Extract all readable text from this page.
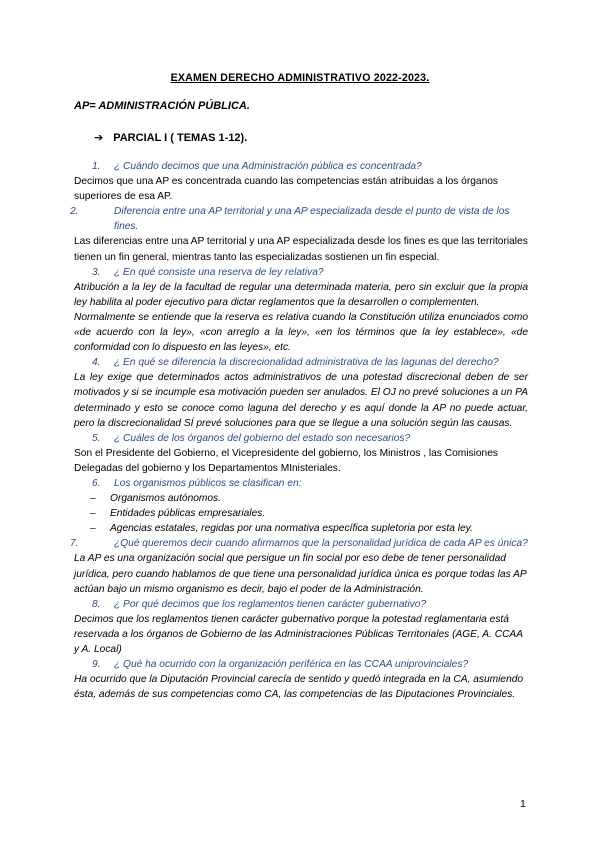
EXAMEN DERECHO ADMINISTRATIVO 2022-2023.
AP= ADMINISTRACIÓN PÚBLICA.
➔ PARCIAL I ( TEMAS 1-12).
1. ¿ Cuándo decimos que una Administración pública es concentrada?
Decimos que una AP es concentrada cuando las competencias están atribuidas a los órganos superiores de esa AP.
2.	Diferencia entre una AP territorial y una AP especializada desde el punto de vista de los fines.
Las diferencias entre una AP territorial y una AP especializada desde los fines es que las territoriales tienen un fin general, mientras tanto las especializadas sostienen un fin especial.
3. ¿ En qué consiste una reserva de ley relativa?
Atribución a la ley de la facultad de regular una determinada materia, pero sin excluir que la propia ley habilita al poder ejecutivo para dictar reglamentos que la desarrollen o complementen.
Normalmente se entiende que la reserva es relativa cuando la Constitución utiliza enunciados como «de acuerdo con la ley», «con arreglo a la ley», «en los términos que la ley establece», «de conformidad con lo dispuesto en las leyes», etc.
4. ¿ En qué se diferencia la discrecionalidad administrativa de las lagunas del derecho?
La ley exige que determinados actos administrativos de una potestad discrecional deben de ser motivados y si se incumple esa motivación pueden ser anulados. El OJ no prevé soluciones a un PA determinado y esto se conoce como laguna del derecho y es aquí donde la AP no puede actuar, pero la discrecionalidad SÍ prevé soluciones para que se llegue a una solución según las causas.
5. ¿ Cuáles de los órganos del gobierno del estado son necesarios?
Son el Presidente del Gobierno, el Vicepresidente del gobierno, los Ministros , las Comisiones Delegadas del gobierno y los Departamentos MInisteriales.
6. Los organismos públicos se clasifican en:
– Organismos autónomos.
– Entidades públicas empresariales.
– Agencias estatales, regidas por una normativa específica supletoria por esta ley.
7.	¿Qué queremos decir cuando afirmamos que la personalidad jurídica de cada AP es única?
La AP es una organización social que persigue un fin social por eso debe de tener personalidad jurídica, pero cuando hablamos de que tiene una personalidad jurídica única es porque todas las AP actúan bajo un mismo organismo es decir, bajo el poder de la Administración.
8. ¿ Por qué decimos que los reglamentos tienen carácter gubernativo?
Decimos que los reglamentos tienen carácter gubernativo porque la potestad reglamentaria está reservada a los órganos de Gobierno de las Administraciones Públicas Territoriales (AGE, A. CCAA y A. Local)
9. ¿ Qué ha ocurrido con la organización periférica en las CCAA uniprovinciales?
Ha ocurrido que la Diputación Provincial carecía de sentido y quedó integrada en la CA, asumiendo ésta, además de sus competencias como CA, las competencias de las Diputaciones Provinciales.
1
